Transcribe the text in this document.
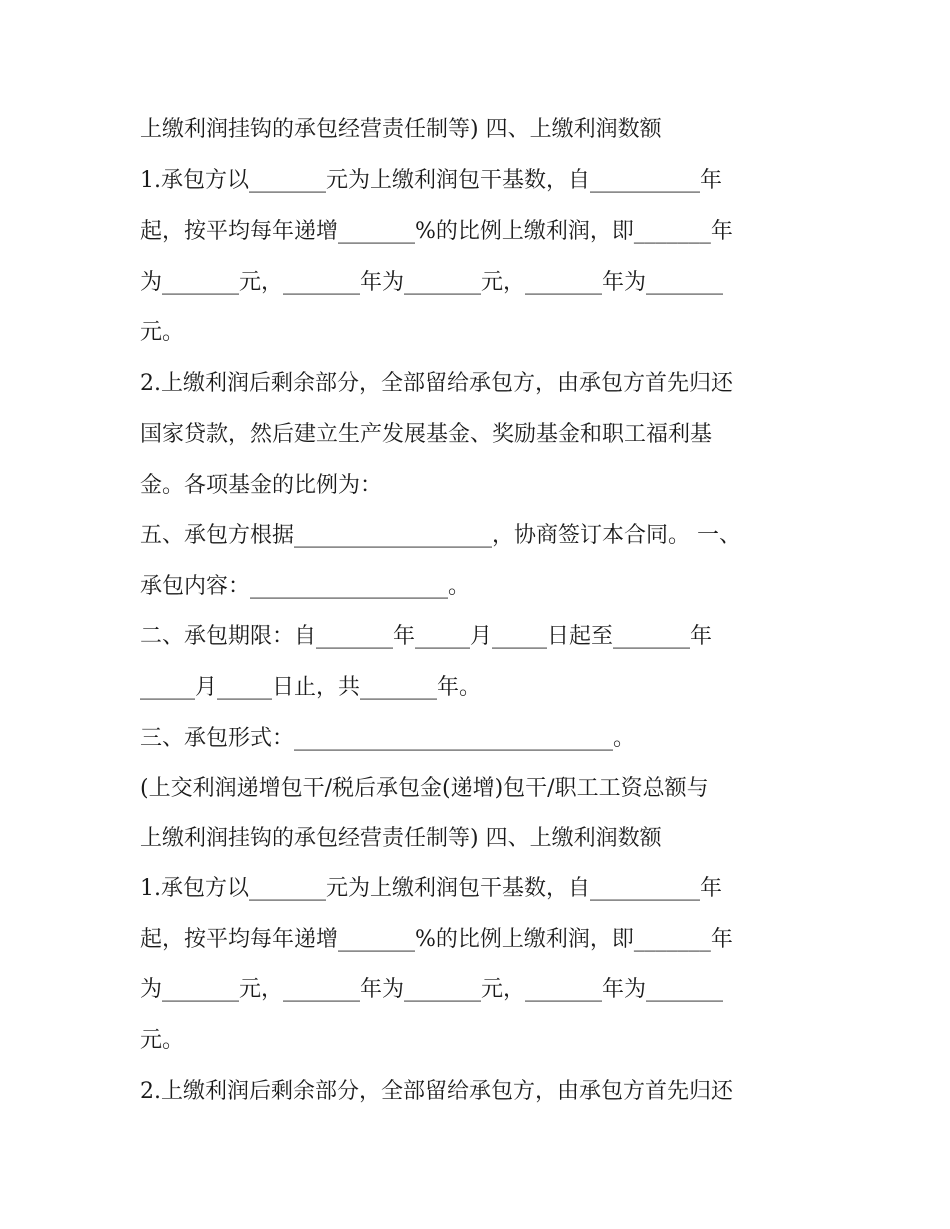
上缴利润挂钩的承包经营责任制等) 四、上缴利润数额
1.承包方以_______元为上缴利润包干基数，自__________年
起，按平均每年递增_______%的比例上缴利润，即_______年
为_______元，_______年为_______元，_______年为_______
元。
2.上缴利润后剩余部分，全部留给承包方，由承包方首先归还
国家贷款，然后建立生产发展基金、奖励基金和职工福利基
金。各项基金的比例为：
五、承包方根据__________________，协商签订本合同。 一、
承包内容：__________________。
二、承包期限：自_______年_____月_____日起至_______年
_____月_____日止，共_______年。
三、承包形式：_____________________________。
(上交利润递增包干/税后承包金(递增)包干/职工工资总额与
上缴利润挂钩的承包经营责任制等) 四、上缴利润数额
1.承包方以_______元为上缴利润包干基数，自__________年
起，按平均每年递增_______%的比例上缴利润，即_______年
为_______元，_______年为_______元，_______年为_______
元。
2.上缴利润后剩余部分，全部留给承包方，由承包方首先归还
